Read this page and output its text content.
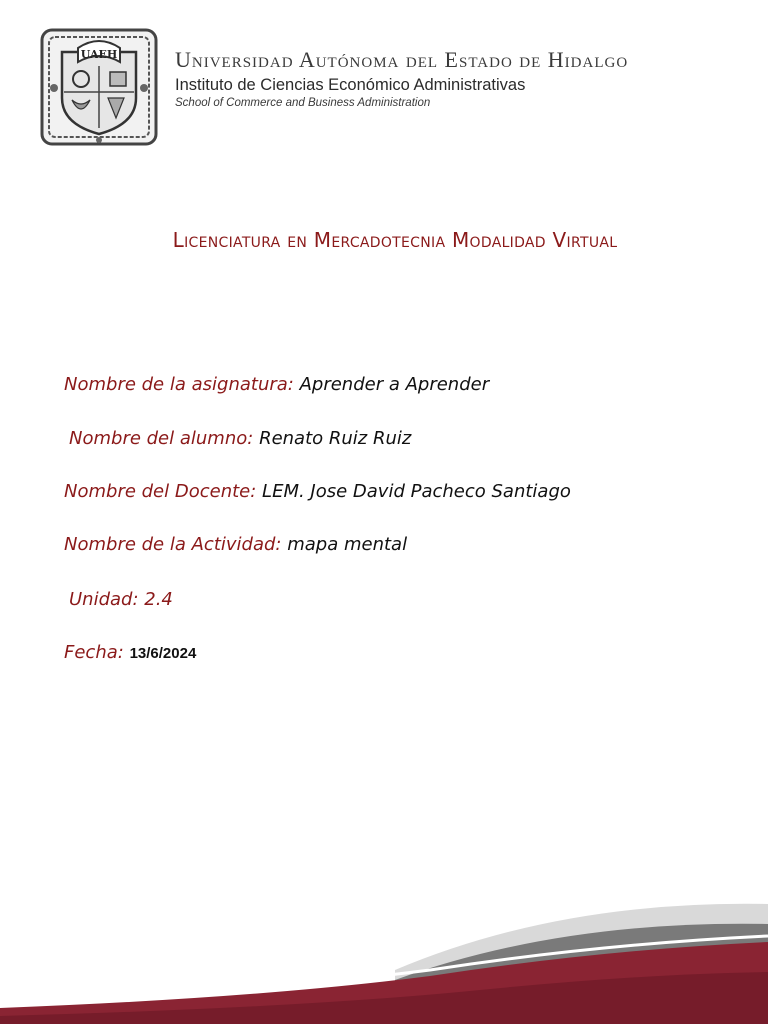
UAEH	Universidad Autónoma del Estado de Hidalgo
Instituto de Ciencias Económico Administrativas
School of Commerce and Business Administration
Licenciatura en Mercadotecnia Modalidad Virtual
Nombre de la asignatura: Aprender a Aprender
Nombre del alumno: Renato Ruiz Ruiz
Nombre del Docente: LEM. Jose David Pacheco Santiago
Nombre de la Actividad: mapa mental
Unidad: 2.4
Fecha: 13/6/2024
